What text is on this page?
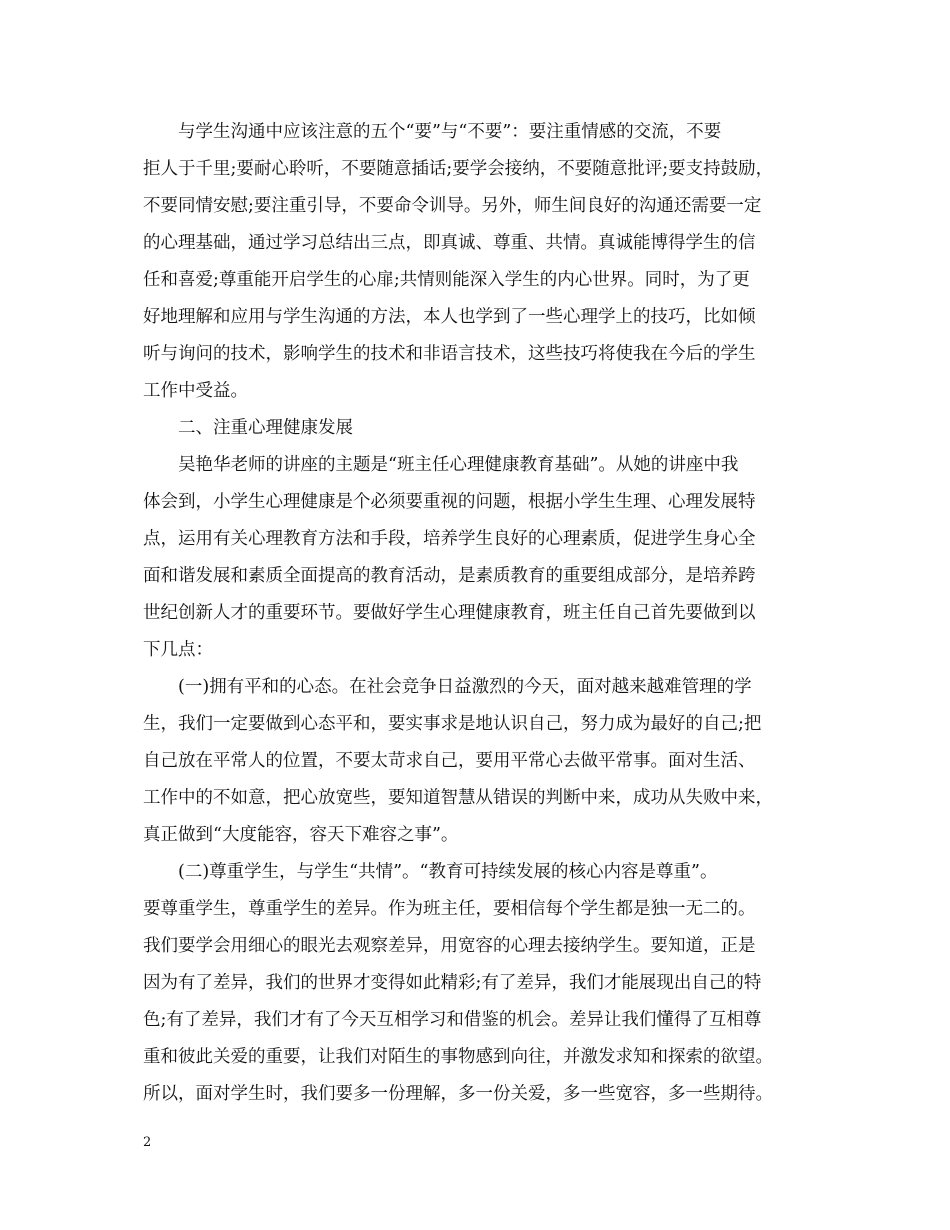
与学生沟通中应该注意的五个“要”与“不要”：要注重情感的交流，不要
拒人于千里;要耐心聆听，不要随意插话;要学会接纳，不要随意批评;要支持鼓励，
不要同情安慰;要注重引导，不要命令训导。另外，师生间良好的沟通还需要一定
的心理基础，通过学习总结出三点，即真诚、尊重、共情。真诚能博得学生的信
任和喜爱;尊重能开启学生的心扉;共情则能深入学生的内心世界。同时，为了更
好地理解和应用与学生沟通的方法，本人也学到了一些心理学上的技巧，比如倾
听与询问的技术，影响学生的技术和非语言技术，这些技巧将使我在今后的学生
工作中受益。
二、注重心理健康发展
吴艳华老师的讲座的主题是“班主任心理健康教育基础”。从她的讲座中我
体会到，小学生心理健康是个必须要重视的问题，根据小学生生理、心理发展特
点，运用有关心理教育方法和手段，培养学生良好的心理素质，促进学生身心全
面和谐发展和素质全面提高的教育活动，是素质教育的重要组成部分，是培养跨
世纪创新人才的重要环节。要做好学生心理健康教育，班主任自己首先要做到以
下几点：
(一)拥有平和的心态。在社会竞争日益激烈的今天，面对越来越难管理的学
生，我们一定要做到心态平和，要实事求是地认识自己，努力成为最好的自己;把
自己放在平常人的位置，不要太苛求自己，要用平常心去做平常事。面对生活、
工作中的不如意，把心放宽些，要知道智慧从错误的判断中来，成功从失败中来，
真正做到“大度能容，容天下难容之事”。
(二)尊重学生，与学生“共情”。“教育可持续发展的核心内容是尊重”。
要尊重学生，尊重学生的差异。作为班主任，要相信每个学生都是独一无二的。
我们要学会用细心的眼光去观察差异，用宽容的心理去接纳学生。要知道，正是
因为有了差异，我们的世界才变得如此精彩;有了差异，我们才能展现出自己的特
色;有了差异，我们才有了今天互相学习和借鉴的机会。差异让我们懂得了互相尊
重和彼此关爱的重要，让我们对陌生的事物感到向往，并激发求知和探索的欲望。
所以，面对学生时，我们要多一份理解，多一份关爱，多一些宽容，多一些期待。
2
